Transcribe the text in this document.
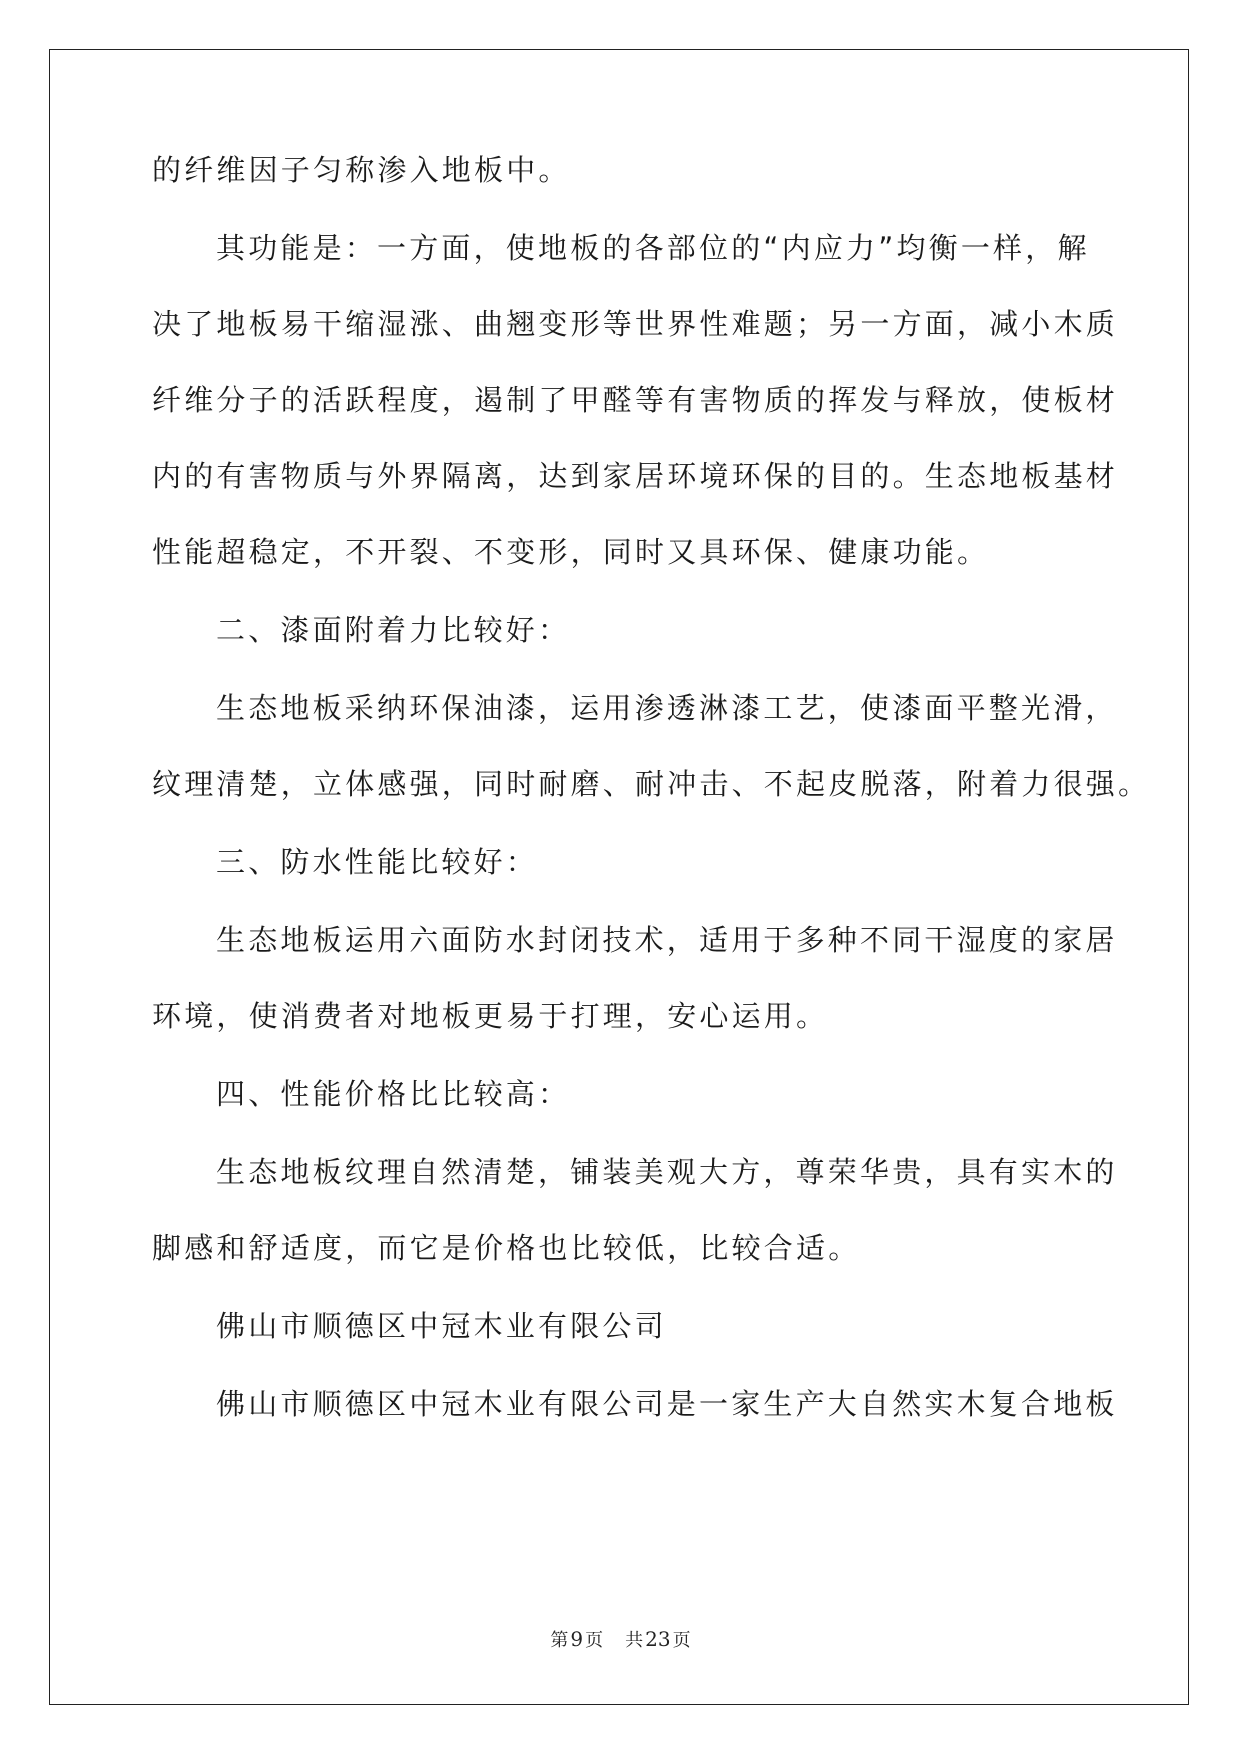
的纤维因子匀称渗入地板中。
其功能是：一方面，使地板的各部位的“内应力”均衡一样，解
决了地板易干缩湿涨、曲翘变形等世界性难题；另一方面，减小木质
纤维分子的活跃程度，遏制了甲醛等有害物质的挥发与释放，使板材
内的有害物质与外界隔离，达到家居环境环保的目的。生态地板基材
性能超稳定，不开裂、不变形，同时又具环保、健康功能。
二、漆面附着力比较好：
生态地板采纳环保油漆，运用渗透淋漆工艺，使漆面平整光滑，
纹理清楚，立体感强，同时耐磨、耐冲击、不起皮脱落，附着力很强。
三、防水性能比较好：
生态地板运用六面防水封闭技术，适用于多种不同干湿度的家居
环境，使消费者对地板更易于打理，安心运用。
四、性能价格比比较高：
生态地板纹理自然清楚，铺装美观大方，尊荣华贵，具有实木的
脚感和舒适度，而它是价格也比较低，比较合适。
佛山市顺德区中冠木业有限公司
佛山市顺德区中冠木业有限公司是一家生产大自然实木复合地板
第 9 页 共 23 页
